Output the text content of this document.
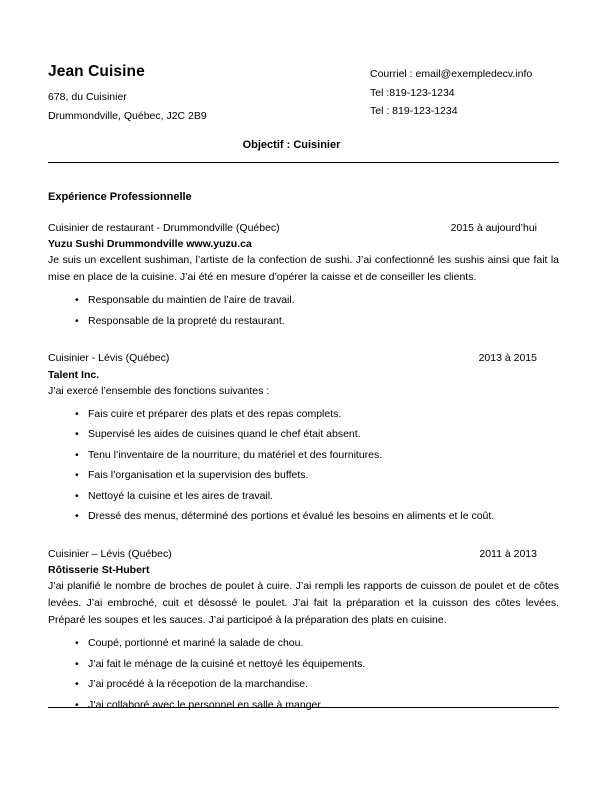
Jean Cuisine
678, du Cuisinier
Drummondville, Québec, J2C 2B9
Courriel : email@exempledecv.info
Tel :819-123-1234
Tel : 819-123-1234
Objectif : Cuisinier
Expérience Professionnelle
Cuisinier de restaurant - Drummondville (Québec)	2015 à aujourd’hui
Yuzu Sushi Drummondville www.yuzu.ca
Je suis un excellent sushiman, l’artiste de la confection de sushi. J’ai confectionné les sushis ainsi que fait la mise en place de la cuisine. J’ai été en mesure d’opérer la caisse et de conseiller les clients.
• Responsable du maintien de l’aire de travail.
• Responsable de la propreté du restaurant.
Cuisinier - Lévis (Québec)	2013 à 2015
Talent Inc.
J’ai exercé l’ensemble des fonctions suivantes :
• Fais cuire et préparer des plats et des repas complets.
• Supervisé les aides de cuisines quand le chef était absent.
• Tenu l’inventaire de la nourriture, du matériel et des fournitures.
• Fais l’organisation et la supervision des buffets.
• Nettoyé la cuisine et les aires de travail.
• Dressé des menus, déterminé des portions et évalué les besoins en aliments et le coût.
Cuisinier – Lévis (Québec)	2011 à 2013
Rôtisserie St-Hubert
J’ai planifié le nombre de broches de poulet à cuire. J’ai rempli les rapports de cuisson de poulet et de côtes levées. J’ai embroché, cuit et désossé le poulet. J’ai fait la préparation et la cuisson des côtes levées. Préparé les soupes et les sauces. J’ai participoé à la préparation des plats en cuisine.
• Coupé, portionné et mariné la salade de chou.
• J’ai fait le ménage de la cuisiné et nettoyé les équipements.
• J’ai procédé à la récepotion de la marchandise.
• J’ai collaboré avec le personnel en salle à manger.
